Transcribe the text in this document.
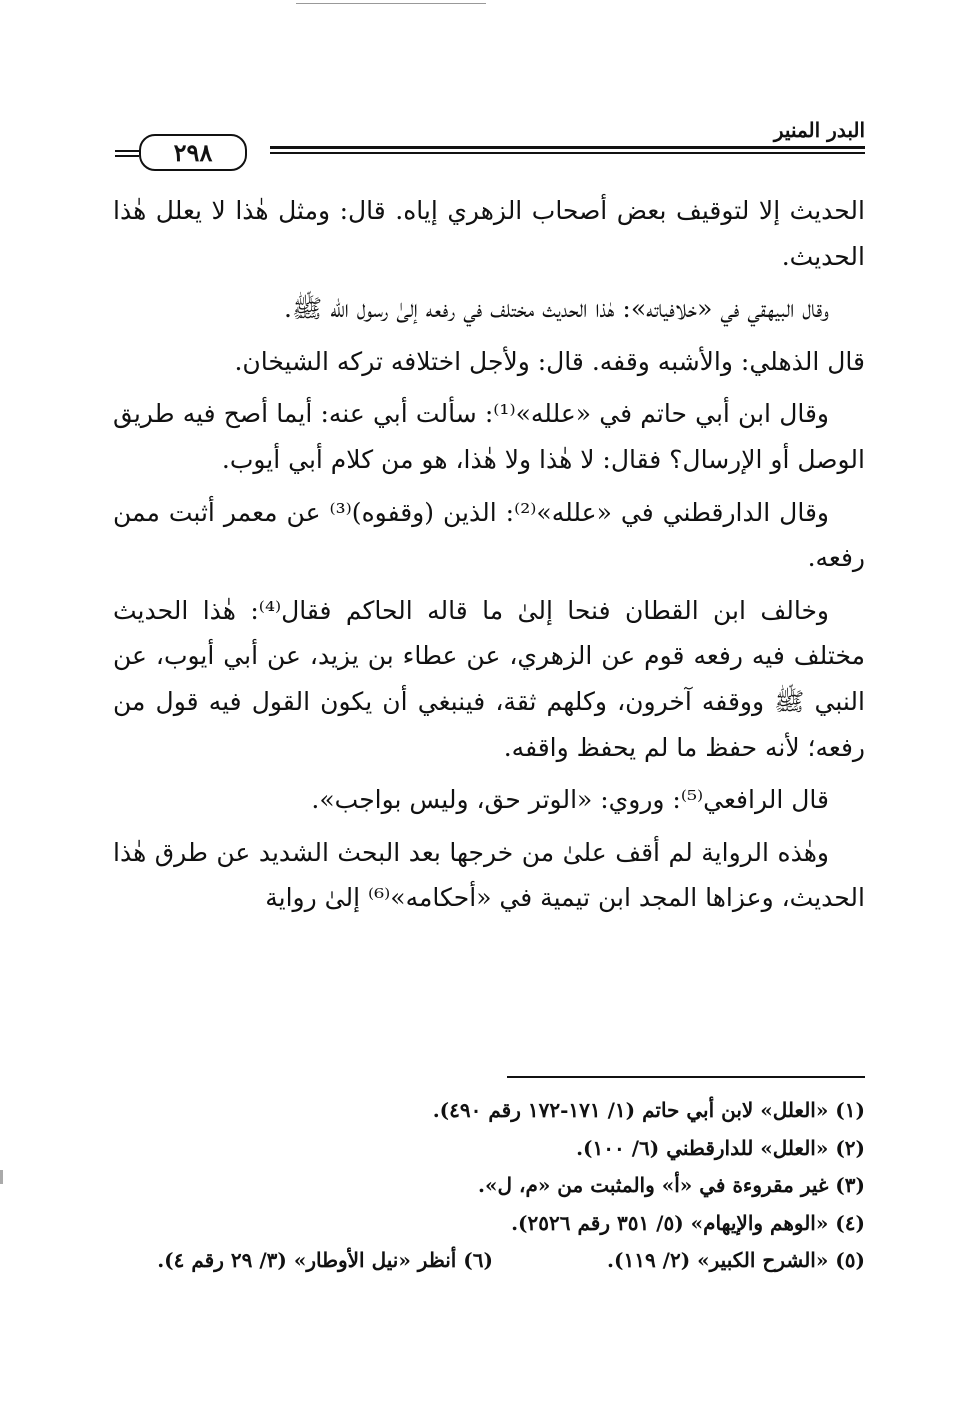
البدر المنير
٢٩٨

الحديث إلا لتوقيف بعض أصحاب الزهري إياه. قال: ومثل هٰذا لا يعلل هٰذا الحديث.

وقال البيهقي في «خلافياته»: هٰذا الحديث مختلف في رفعه إلىٰ رسول الله ﷺ.

قال الذهلي: والأشبه وقفه. قال: ولأجل اختلافه تركه الشيخان.

وقال ابن أبي حاتم في «علله»⁽¹⁾: سألت أبي عنه: أيما أصح فيه طريق الوصل أو الإرسال؟ فقال: لا هٰذا ولا هٰذا، هو من كلام أبي أيوب.

وقال الدارقطني في «علله»⁽²⁾: الذين (وقفوه)⁽³⁾ عن معمر أثبت ممن رفعه.

وخالف ابن القطان فنحا إلىٰ ما قاله الحاكم فقال⁽⁴⁾: هٰذا الحديث مختلف فيه رفعه قوم عن الزهري، عن عطاء بن يزيد، عن أبي أيوب، عن النبي ﷺ ووقفه آخرون، وكلهم ثقة، فينبغي أن يكون القول فيه قول من رفعه؛ لأنه حفظ ما لم يحفظ واقفه.

قال الرافعي⁽⁵⁾: وروي: «الوتر حق، وليس بواجب».

وهٰذه الرواية لم أقف علىٰ من خرجها بعد البحث الشديد عن طرق هٰذا الحديث، وعزاها المجد ابن تيمية في «أحكامه»⁽⁶⁾ إلىٰ رواية

(١) «العلل» لابن أبي حاتم (١/ ١٧١-١٧٢ رقم ٤٩٠).
(٢) «العلل» للدارقطني (٦/ ١٠٠).
(٣) غير مقروءة في «أ» والمثبت من «م، ل».
(٤) «الوهم والإيهام» (٥/ ٣٥١ رقم ٢٥٢٦).
(٥) «الشرح الكبير» (٢/ ١١٩).
(٦) أنظر «نيل الأوطار» (٣/ ٢٩ رقم ٤).
